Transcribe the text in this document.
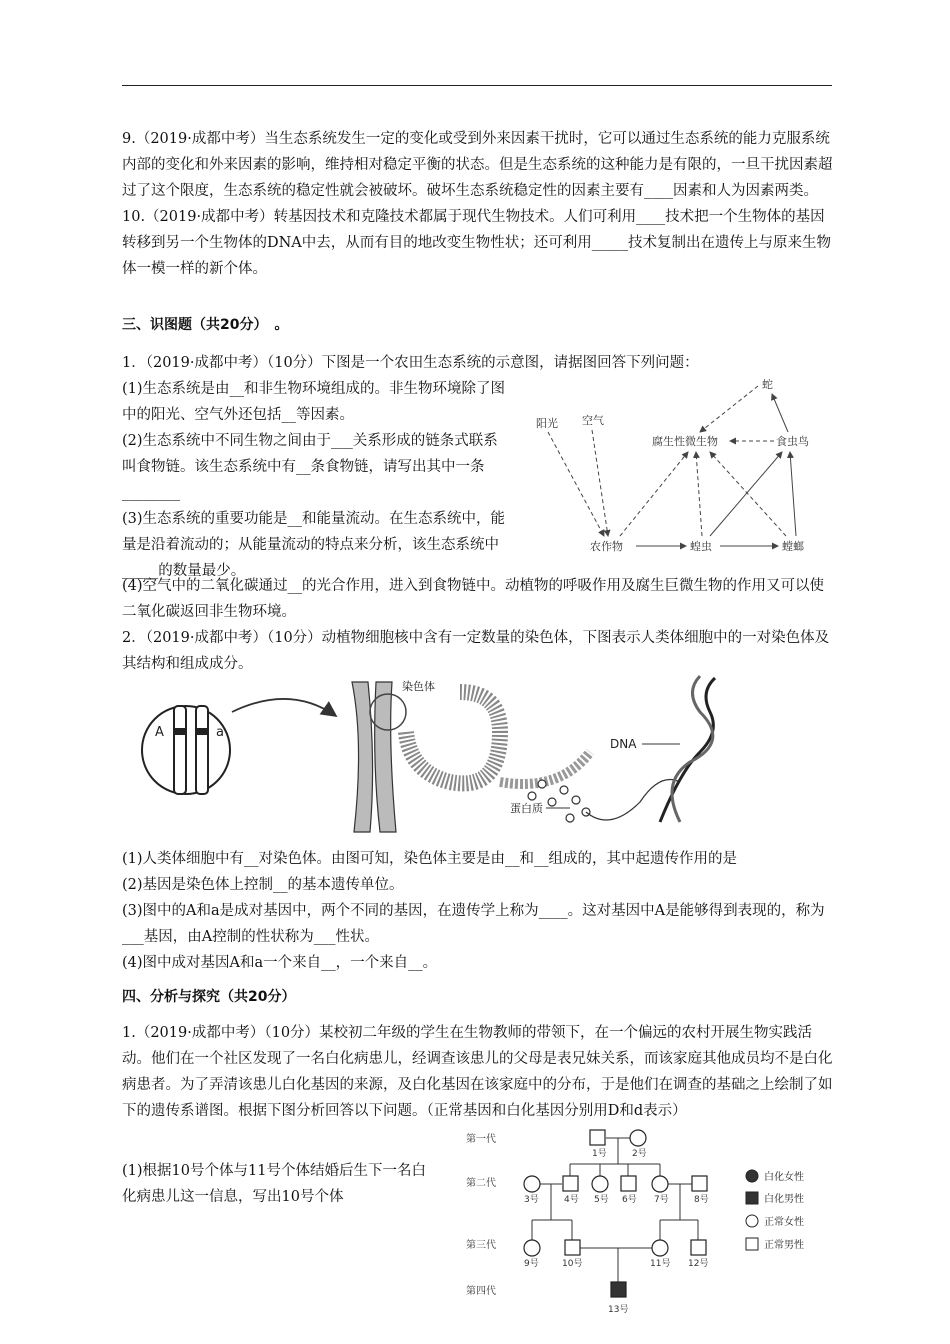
9.（2019·成都中考）当生态系统发生一定的变化或受到外来因素干扰时，它可以通过生态系统的能力克服系统内部的变化和外来因素的影响，维持相对稳定平衡的状态。但是生态系统的这种能力是有限的，一旦干扰因素超过了这个限度，生态系统的稳定性就会被破坏。破坏生态系统稳定性的因素主要有____因素和人为因素两类。

10.（2019·成都中考）转基因技术和克隆技术都属于现代生物技术。人们可利用____技术把一个生物体的基因转移到另一个生物体的DNA中去，从而有目的地改变生物性状；还可利用_____技术复制出在遗传上与原来生物体一模一样的新个体。

三、识图题（共20分）　。
1．（2019·成都中考）（10分）下图是一个农田生态系统的示意图，请据图回答下列问题：

(1)生态系统是由__和非生物环境组成的。非生物环境除了图中的阳光、空气外还包括__等因素。

(2)生态系统中不同生物之间由于___关系形成的链条式联系叫食物链。该生态系统中有__条食物链，请写出其中一条________

(3)生态系统的重要功能是__和能量流动。在生态系统中，能量是沿着流动的；从能量流动的特点来分析，该生态系统中_____的数量最少。

阳光 空气
腐生性微生物	食虫鸟
蛇
农作物	蝗虫	螳螂

(4)空气中的二氧化碳通过__的光合作用，进入到食物链中。动植物的呼吸作用及腐生巨微生物的作用又可以使二氧化碳返回非生物环境。

2．（2019·成都中考）（10分）动植物细胞核中含有一定数量的染色体，下图表示人类体细胞中的一对染色体及其结构和组成成分。

A	a
染色体
DNA
蛋白质

(1)人类体细胞中有__对染色体。由图可知，染色体主要是由__和__组成的，其中起遗传作用的是

(2)基因是染色体上控制__的基本遗传单位。

(3)图中的A和a是成对基因中，两个不同的基因，在遗传学上称为____。这对基因中A是能够得到表现的，称为___基因，由A控制的性状称为___性状。

(4)图中成对基因A和a一个来自__，一个来自__。

四、分析与探究（共20分）
1.（2019·成都中考）（10分）某校初二年级的学生在生物教师的带领下，在一个偏远的农村开展生物实践活动。他们在一个社区发现了一名白化病患儿，经调查该患儿的父母是表兄妹关系，而该家庭其他成员均不是白化病患者。为了弄清该患儿白化基因的来源，及白化基因在该家庭中的分布，于是他们在调查的基础之上绘制了如下的遗传系谱图。根据下图分析回答以下问题。（正常基因和白化基因分别用D和d表示）
(1)根据10号个体与11号个体结婚后生下一名白化病患儿这一信息，写出10号个体
第一代
第二代
第三代
第四代
1号	2号
3号	4号 5号 6号 7号	8号
9号	10号	11号 12号
13号
白化女性
白化男性
正常女性
正常男性
